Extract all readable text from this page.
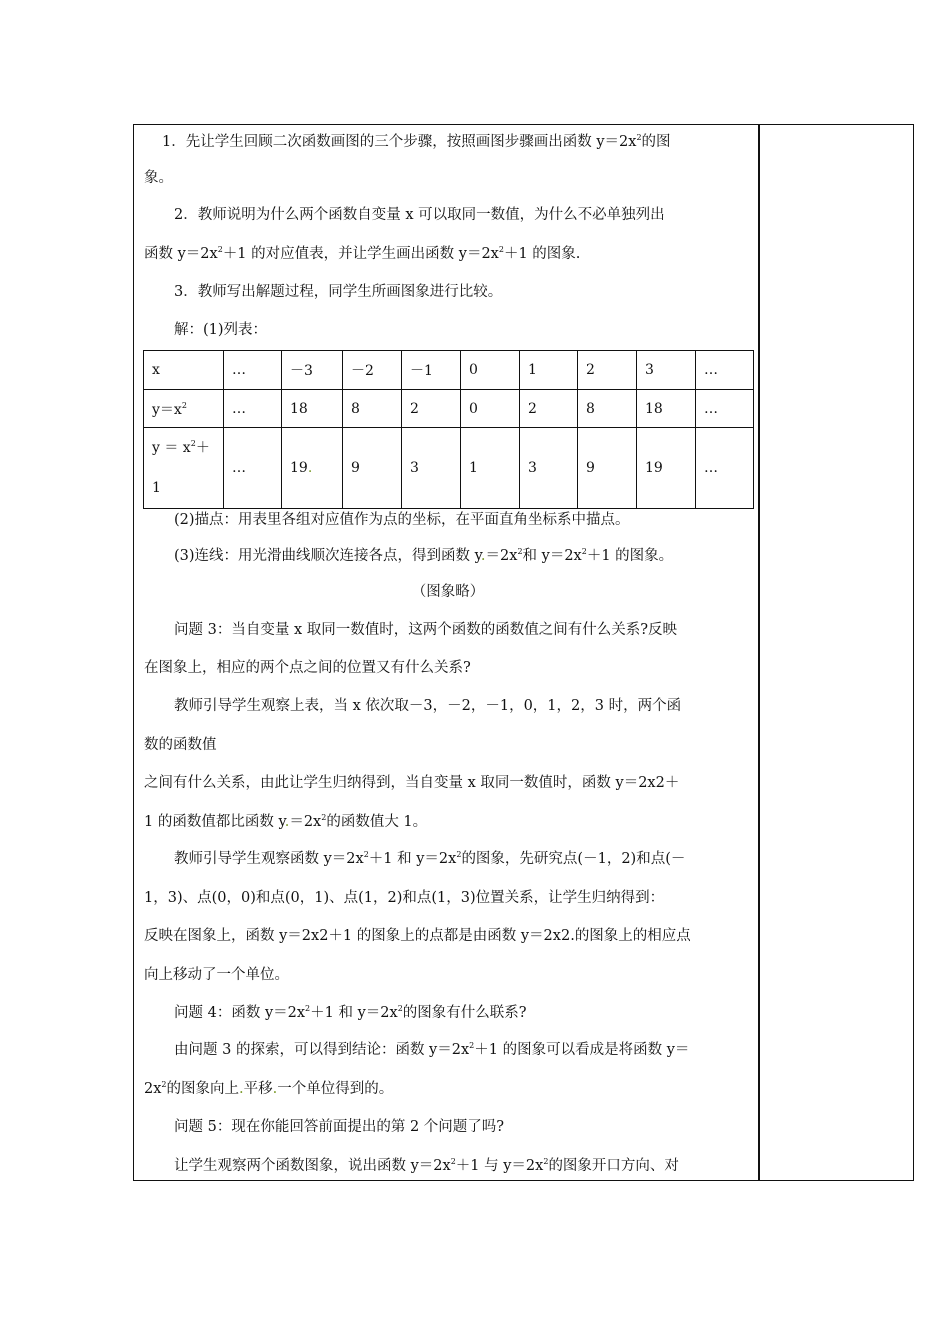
1．先让学生回顾二次函数画图的三个步骤，按照画图步骤画出函数 $y=2x^2$的图
象。
2．教师说明为什么两个函数自变量 x 可以取同一数值，为什么不必单独列出
函数 $y=2x^2+1$ 的对应值表，并让学生画出函数 $y=2x^2+1$ 的图象.
3．教师写出解题过程，同学生所画图象进行比较。
解：(1)列表：
(2)描点：用表里各组对应值作为点的坐标，在平面直角坐标系中描点。
(3)连线：用光滑曲线顺次连接各点，得到函数 $y.=2x^2$和 $y=2x^2+1$ 的图象。
（图象略）
问题 3：当自变量 x 取同一数值时，这两个函数的函数值之间有什么关系?反映
在图象上，相应的两个点之间的位置又有什么关系?
教师引导学生观察上表，当 x 依次取－3，－2，－1，0，1，2，3 时，两个函
数的函数值
之间有什么关系，由此让学生归纳得到，当自变量 x 取同一数值时，函数 y＝2x2＋
1 的函数值都比函数 $y.=2x^2$的函数值大 1。
教师引导学生观察函数 $y=2x^2+1$ 和 $y=2x^2$的图象，先研究点(－1，2)和点(－
1，3)、点(0，0)和点(0，1)、点(1，2)和点(1，3)位置关系，让学生归纳得到：
反映在图象上，函数 y＝2x2＋1 的图象上的点都是由函数 y＝2x2.的图象上的相应点
向上移动了一个单位。
问题 4：函数 $y=2x^2+1$ 和 $y=2x^2$的图象有什么联系?
由问题 3 的探索，可以得到结论：函数 $y=2x^2+1$ 的图象可以看成是将函数 y＝
$2x^2$的图象向上.平移.一个单位得到的。
问题 5：现在你能回答前面提出的第 2 个问题了吗?
让学生观察两个函数图象，说出函数 $y=2x^2+1$ 与 $y=2x^2$的图象开口方向、对
x	…	－3	－2	－1	0	1	2	3	…
$y=x^2$	…	18	8	2	0	2	8	18	…
$y = x^2+$
1	…	19.	9	3	1	3	9	19	…
